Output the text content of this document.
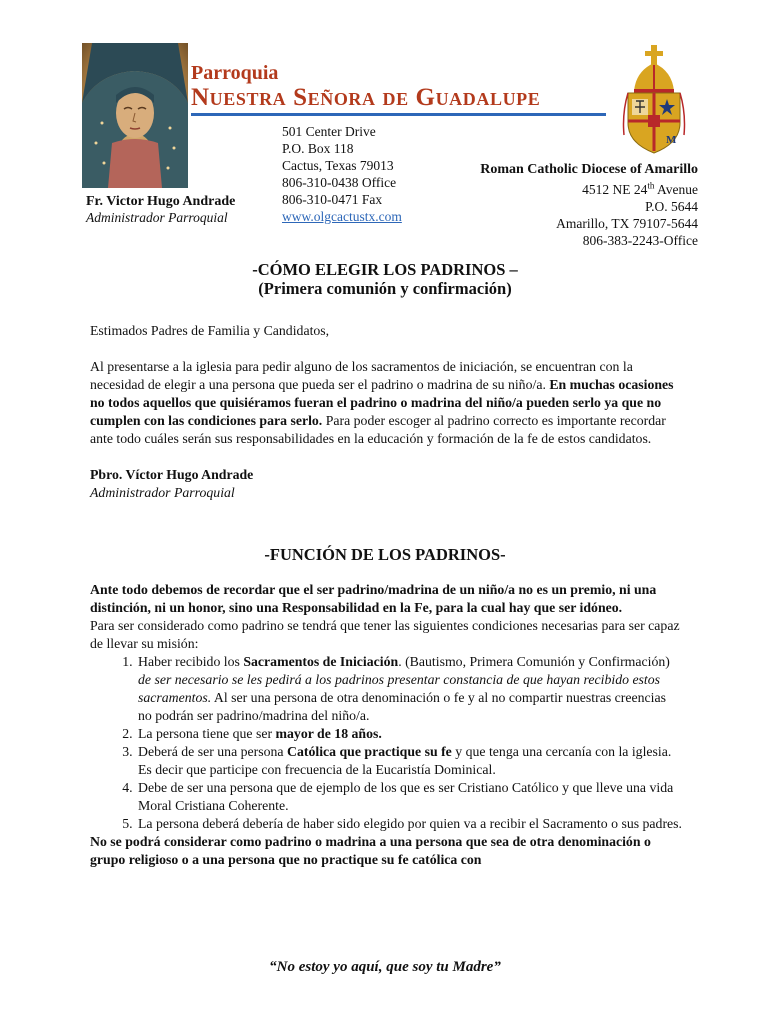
Parroquia
Nuestra Señora de Guadalupe
M
501 Center Drive
P.O. Box 118
Cactus, Texas 79013
806-310-0438 Office
806-310-0471 Fax
www.olgcactustx.com
Fr. Victor Hugo Andrade
Administrador Parroquial
Roman Catholic Diocese of Amarillo
4512 NE 24th Avenue
P.O. 5644
Amarillo, TX 79107-5644
806-383-2243-Office
-CÓMO ELEGIR LOS PADRINOS –
(Primera comunión y confirmación)

Estimados Padres de Familia y Candidatos,

Al presentarse a la iglesia para pedir alguno de los sacramentos de iniciación, se encuentran con la necesidad de elegir a una persona que pueda ser el padrino o madrina de su niño/a. En muchas ocasiones no todos aquellos que quisiéramos fueran el padrino o madrina del niño/a pueden serlo ya que no cumplen con las condiciones para serlo. Para poder escoger al padrino correcto es importante recordar ante todo cuáles serán sus responsabilidades en la educación y formación de la fe de estos candidatos.

Pbro. Víctor Hugo Andrade

Administrador Parroquial

-FUNCIÓN DE LOS PADRINOS-

Ante todo debemos de recordar que el ser padrino/madrina de un niño/a no es un premio, ni una distinción, ni un honor, sino una Responsabilidad en la Fe, para la cual hay que ser idóneo.

Para ser considerado como padrino se tendrá que tener las siguientes condiciones necesarias para ser capaz de llevar su misión:

1. Haber recibido los Sacramentos de Iniciación. (Bautismo, Primera Comunión y Confirmación) de ser necesario se les pedirá a los padrinos presentar constancia de que hayan recibido estos sacramentos. Al ser una persona de otra denominación o fe y al no compartir nuestras creencias no podrán ser padrino/madrina del niño/a.
2. La persona tiene que ser mayor de 18 años.
3. Deberá de ser una persona Católica que practique su fe y que tenga una cercanía con la iglesia. Es decir que participe con frecuencia de la Eucaristía Dominical.
4. Debe de ser una persona que de ejemplo de los que es ser Cristiano Católico y que lleve una vida Moral Cristiana Coherente.
5. La persona deberá debería de haber sido elegido por quien va a recibir el Sacramento o sus padres.

No se podrá considerar como padrino o madrina a una persona que sea de otra denominación o grupo religioso o a una persona que no practique su fe católica con

“No estoy yo aquí, que soy tu Madre”
